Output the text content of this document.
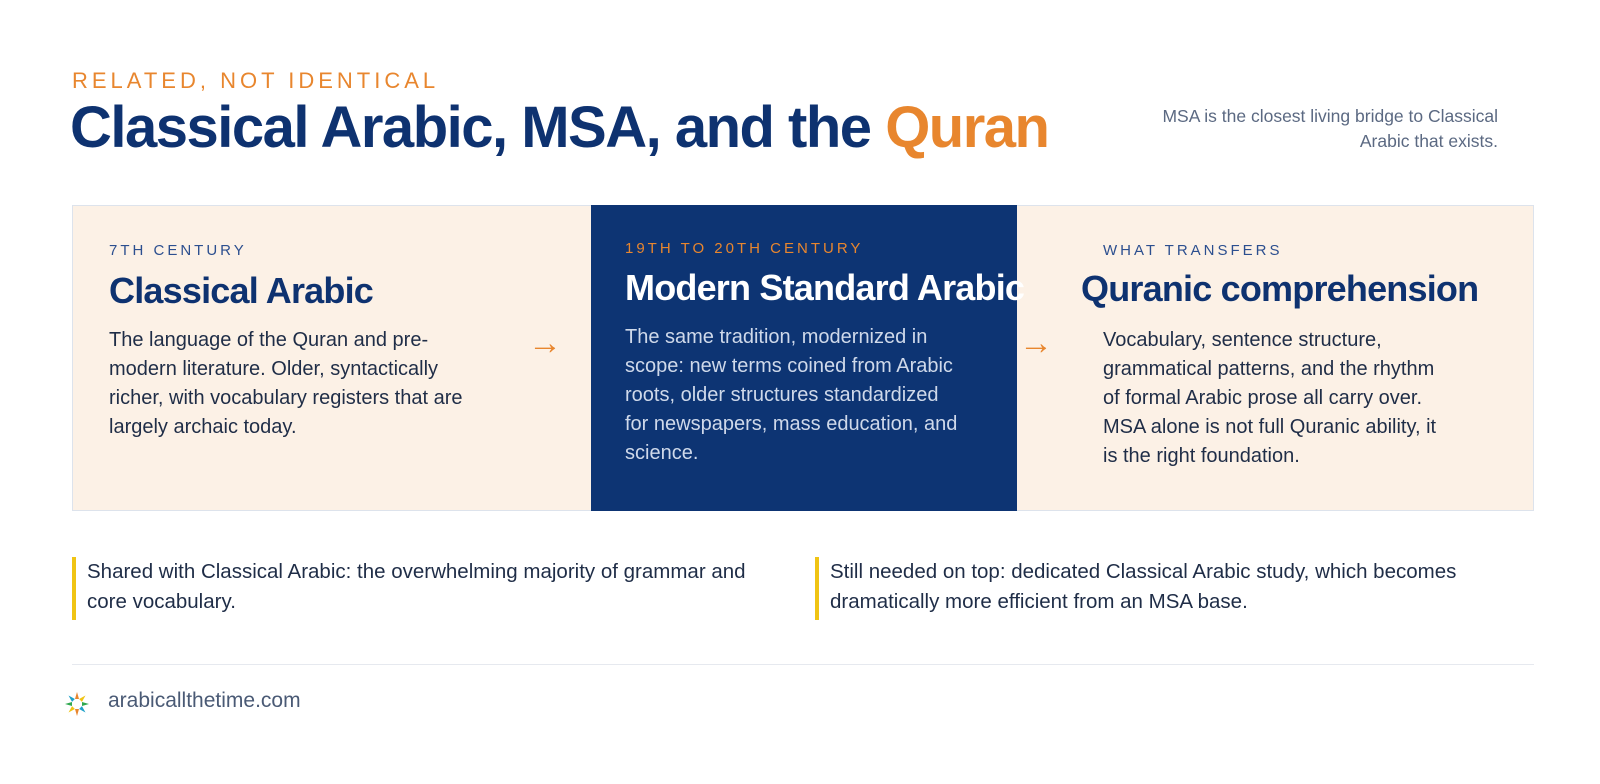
RELATED, NOT IDENTICAL
Classical Arabic, MSA, and the Quran	MSA is the closest living bridge to Classical Arabic that exists.
7TH CENTURY
Classical Arabic
The language of the Quran and pre-modern literature. Older, syntactically richer, with vocabulary registers that are largely archaic today.
→
19TH TO 20TH CENTURY
Modern Standard Arabic
The same tradition, modernized in scope: new terms coined from Arabic roots, older structures standardized for newspapers, mass education, and science.
WHAT TRANSFERS
Quranic comprehension
Vocabulary, sentence structure, grammatical patterns, and the rhythm of formal Arabic prose all carry over. MSA alone is not full Quranic ability, it is the right foundation.
→
Shared with Classical Arabic: the overwhelming majority of grammar and core vocabulary.
Still needed on top: dedicated Classical Arabic study, which becomes dramatically more efficient from an MSA base.
arabicallthetime.com
